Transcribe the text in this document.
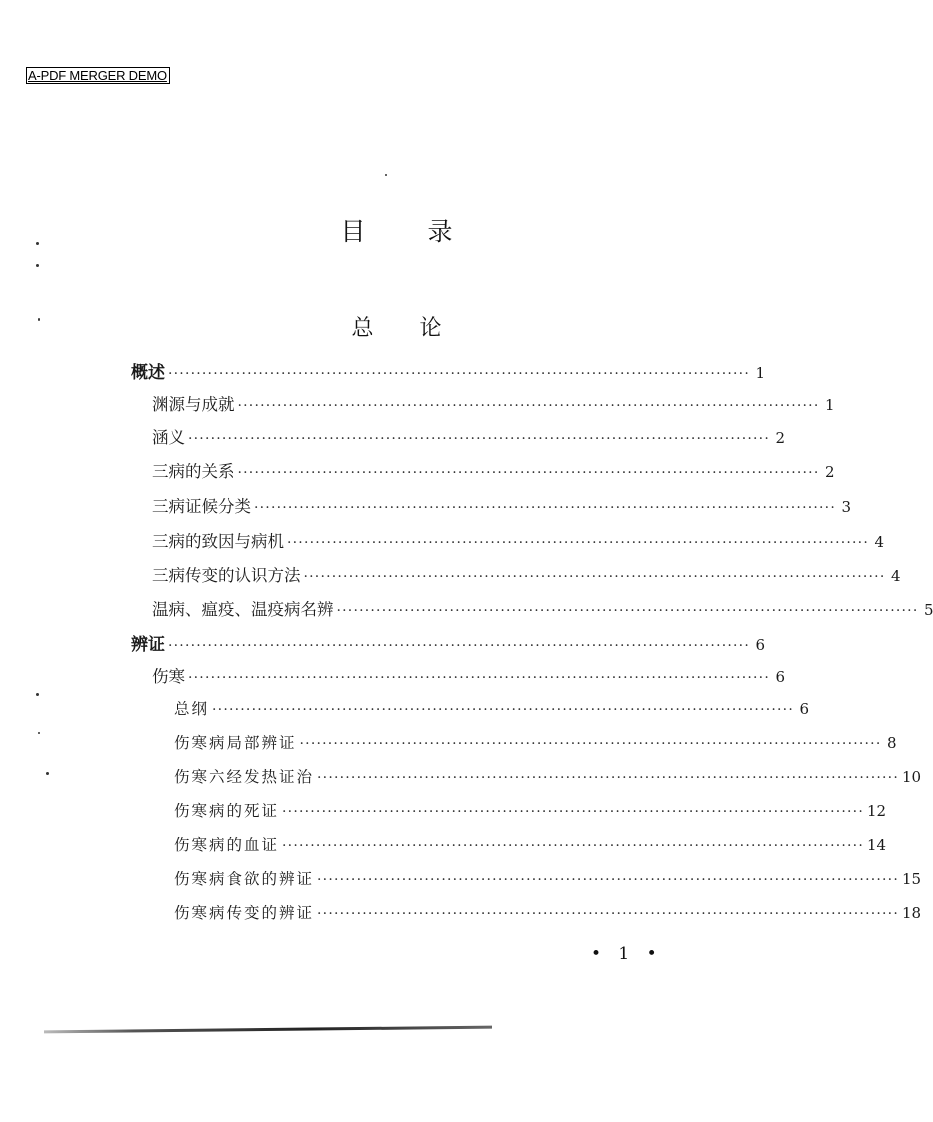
A-PDF MERGER DEMO
目录
总论
概述 ······································································································· 1
渊源与成就 ······································································································· 1
涵义 ······································································································· 2
三病的关系 ······································································································· 2
三病证候分类 ······································································································· 3
三病的致因与病机 ······································································································· 4
三病传变的认识方法 ······································································································· 4
温病、瘟疫、温疫病名辨 ······································································································· 5
辨证 ······································································································· 6
伤寒 ······································································································· 6
总纲 ······································································································· 6
伤寒病局部辨证 ······································································································· 8
伤寒六经发热证治 ······································································································· 10
伤寒病的死证 ······································································································· 12
伤寒病的血证 ······································································································· 14
伤寒病食欲的辨证 ······································································································· 15
伤寒病传变的辨证 ······································································································· 18
• 1 •
